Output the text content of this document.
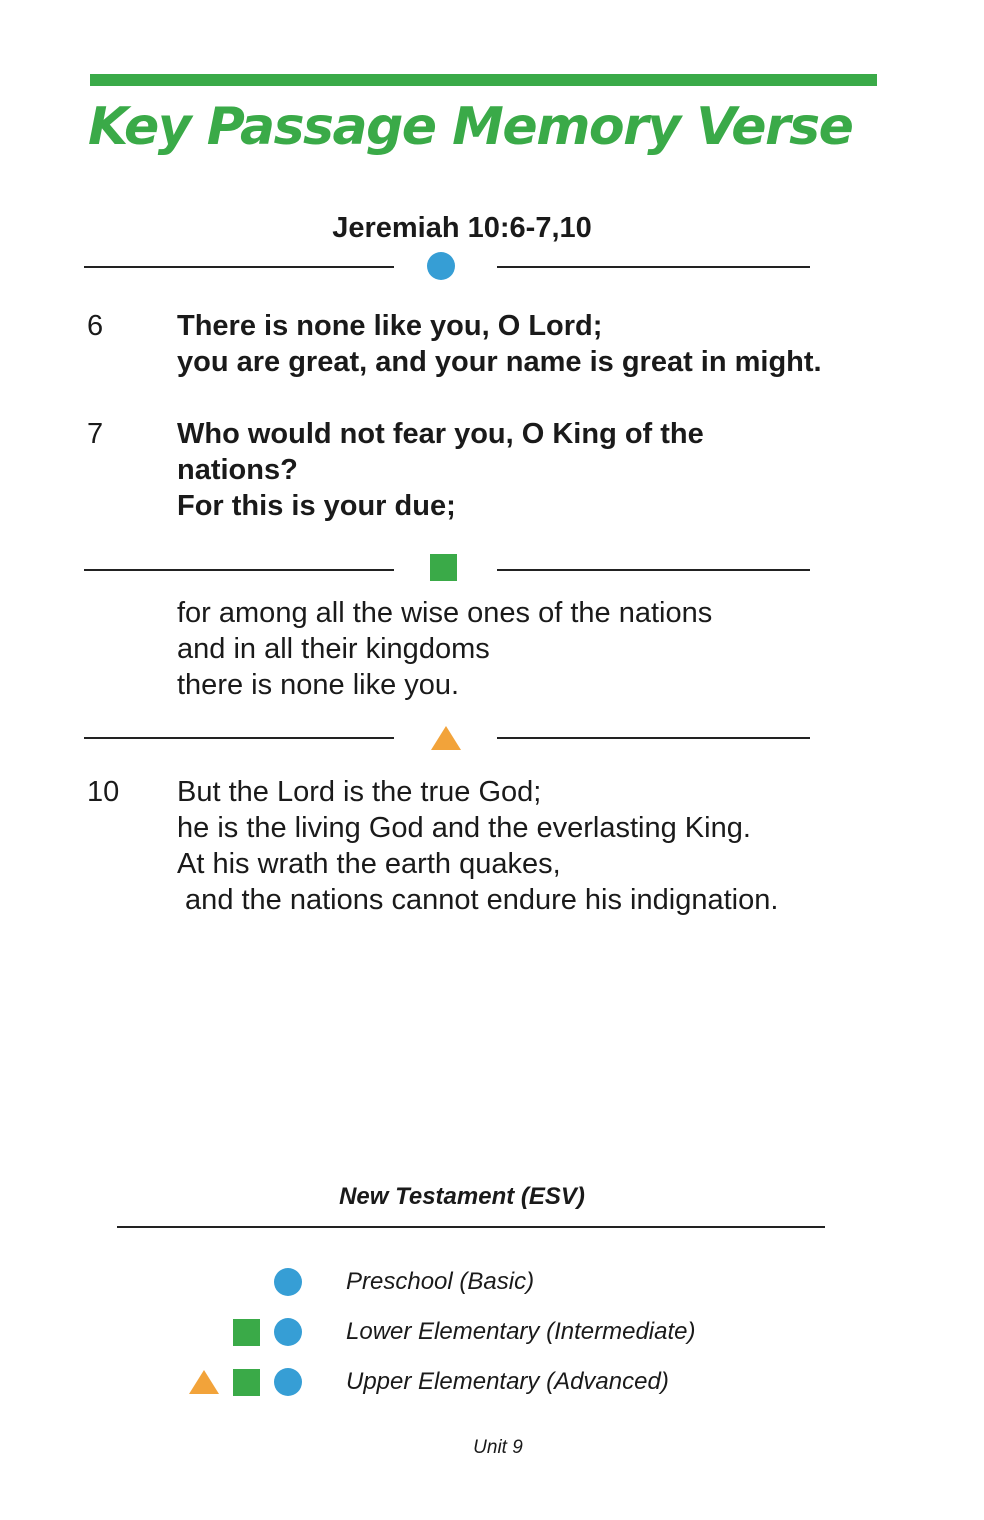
Key Passage Memory Verse
Jeremiah 10:6-7,10
6	There is none like you, O Lord;
you are great, and your name is great in might.
7	Who would not fear you, O King of the
nations?
For this is your due;
for among all the wise ones of the nations
and in all their kingdoms
there is none like you.
10 But the Lord is the true God;
he is the living God and the everlasting King.
At his wrath the earth quakes,
and the nations cannot endure his indignation.
New Testament (ESV)
Preschool (Basic)
Lower Elementary (Intermediate)
Upper Elementary (Advanced)
Unit 9
